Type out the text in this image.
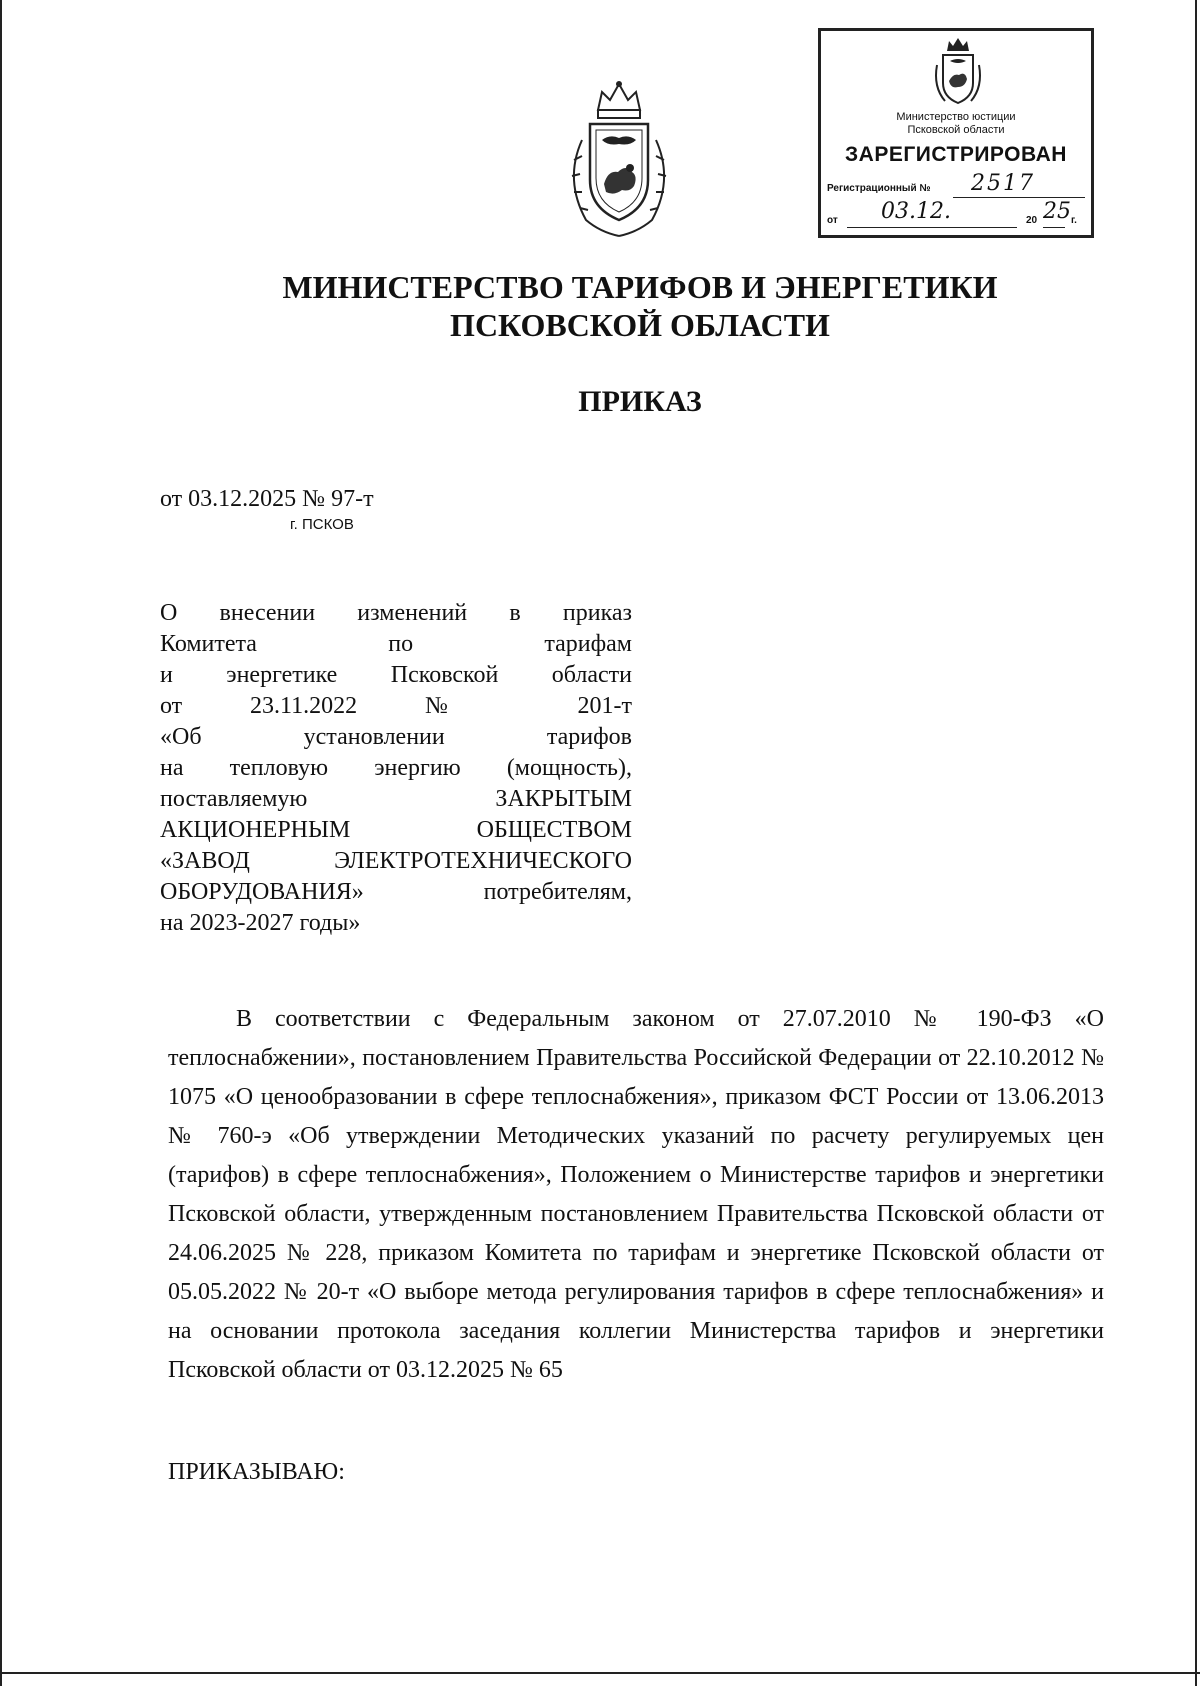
Министерство юстиции
Псковской области
ЗАРЕГИСТРИРОВАН
Регистрационный № 2517
от 03.12.	20 25 г.
МИНИСТЕРСТВО ТАРИФОВ И ЭНЕРГЕТИКИ
ПСКОВСКОЙ ОБЛАСТИ
ПРИКАЗ
от 03.12.2025 № 97-т
г. ПСКОВ
О внесении изменений в приказ
Комитета по тарифам
и энергетике Псковской области
от 23.11.2022 № 201-т
«Об установлении тарифов
на тепловую энергию (мощность),
поставляемую ЗАКРЫТЫМ
АКЦИОНЕРНЫМ ОБЩЕСТВОМ
«ЗАВОД ЭЛЕКТРОТЕХНИЧЕСКОГО
ОБОРУДОВАНИЯ» потребителям,
на 2023-2027 годы»
В соответствии с Федеральным законом от 27.07.2010 № 190-ФЗ «О теплоснабжении», постановлением Правительства Российской Федерации от 22.10.2012 № 1075 «О ценообразовании в сфере теплоснабжения», приказом ФСТ России от 13.06.2013 № 760-э «Об утверждении Методических указаний по расчету регулируемых цен (тарифов) в сфере теплоснабжения», Положением о Министерстве тарифов и энергетики Псковской области, утвержденным постановлением Правительства Псковской области от 24.06.2025 № 228, приказом Комитета по тарифам и энергетике Псковской области от 05.05.2022 № 20-т «О выборе метода регулирования тарифов в сфере теплоснабжения» и на основании протокола заседания коллегии Министерства тарифов и энергетики Псковской области от 03.12.2025 № 65
ПРИКАЗЫВАЮ:
